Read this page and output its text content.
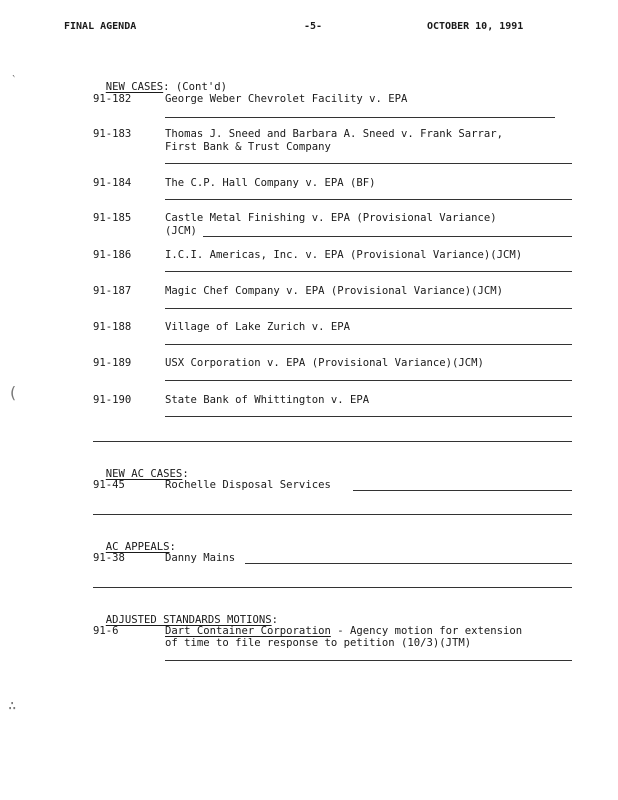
FINAL AGENDA	-5-	OCTOBER 10, 1991

NEW CASES: (Cont'd)

91-182	George Weber Chevrolet Facility v. EPA
91-183	Thomas J. Sneed and Barbara A. Sneed v. Frank Sarrar,
First Bank & Trust Company
91-184	The C.P. Hall Company v. EPA (BF)
91-185	Castle Metal Finishing v. EPA (Provisional Variance)
(JCM)
91-186	I.C.I. Americas, Inc. v. EPA (Provisional Variance)(JCM)
91-187	Magic Chef Company v. EPA (Provisional Variance)(JCM)
91-188	Village of Lake Zurich v. EPA
91-189	USX Corporation v. EPA (Provisional Variance)(JCM)
91-190	State Bank of Whittington v. EPA

NEW AC CASES:

91-45	Rochelle Disposal Services

AC APPEALS:

91-38	Danny Mains

ADJUSTED STANDARDS MOTIONS:

91-6	Dart Container Corporation - Agency motion for extension
of time to file response to petition (10/3)(JTM)
‵
(
∴
